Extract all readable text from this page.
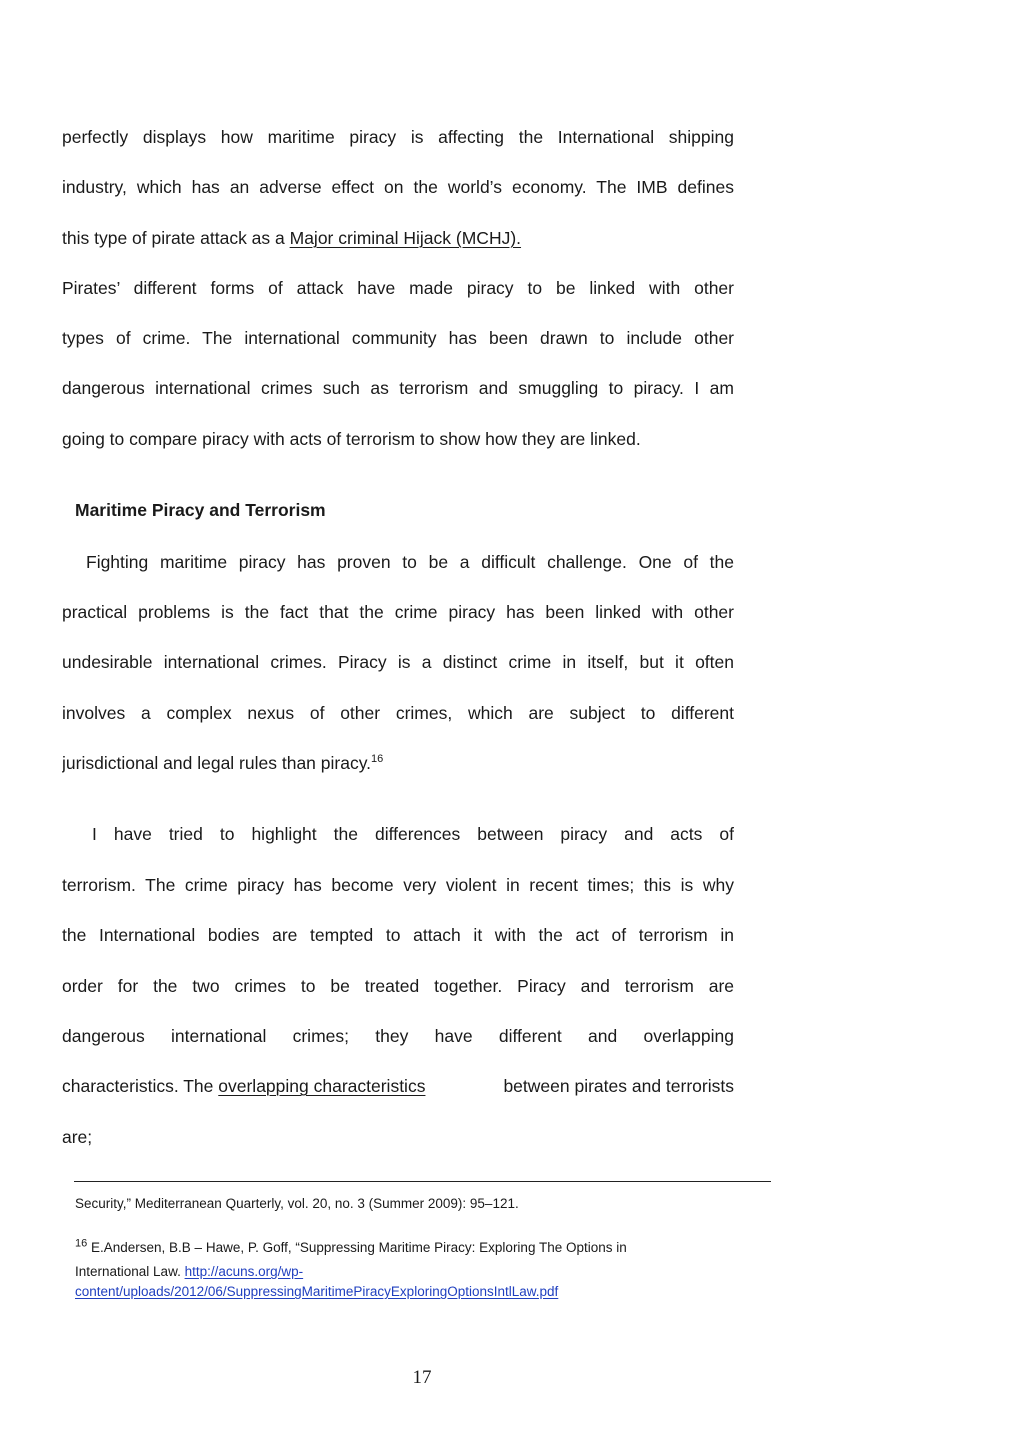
perfectly displays how maritime piracy is affecting the International shipping
industry, which has an adverse effect on the world’s economy. The IMB defines
this type of pirate attack as a Major criminal Hijack (MCHJ).
Pirates’ different forms of attack have made piracy to be linked with other
types of crime. The international community has been drawn to include other
dangerous international crimes such as terrorism and smuggling to piracy. I am
going to compare piracy with acts of terrorism to show how they are linked.
Maritime Piracy and Terrorism
Fighting maritime piracy has proven to be a difficult challenge. One of the
practical problems is the fact that the crime piracy has been linked with other
undesirable international crimes. Piracy is a distinct crime in itself, but it often
involves a complex nexus of other crimes, which are subject to different
jurisdictional and legal rules than piracy.$^{16}$
I have tried to highlight the differences between piracy and acts of
terrorism. The crime piracy has become very violent in recent times; this is why
the International bodies are tempted to attach it with the act of terrorism in
order for the two crimes to be treated together. Piracy and terrorism are
dangerous international crimes; they have different and overlapping
characteristics. The overlapping characteristics	between pirates and terrorists
are;
Security,” Mediterranean Quarterly, vol. 20, no. 3 (Summer 2009): 95–121.
$^{16}$ E.Andersen, B.B – Hawe, P. Goff, “Suppressing Maritime Piracy: Exploring The Options in
International Law. http://acuns.org/wp-
content/uploads/2012/06/SuppressingMaritimePiracyExploringOptionsIntlLaw.pdf
17
